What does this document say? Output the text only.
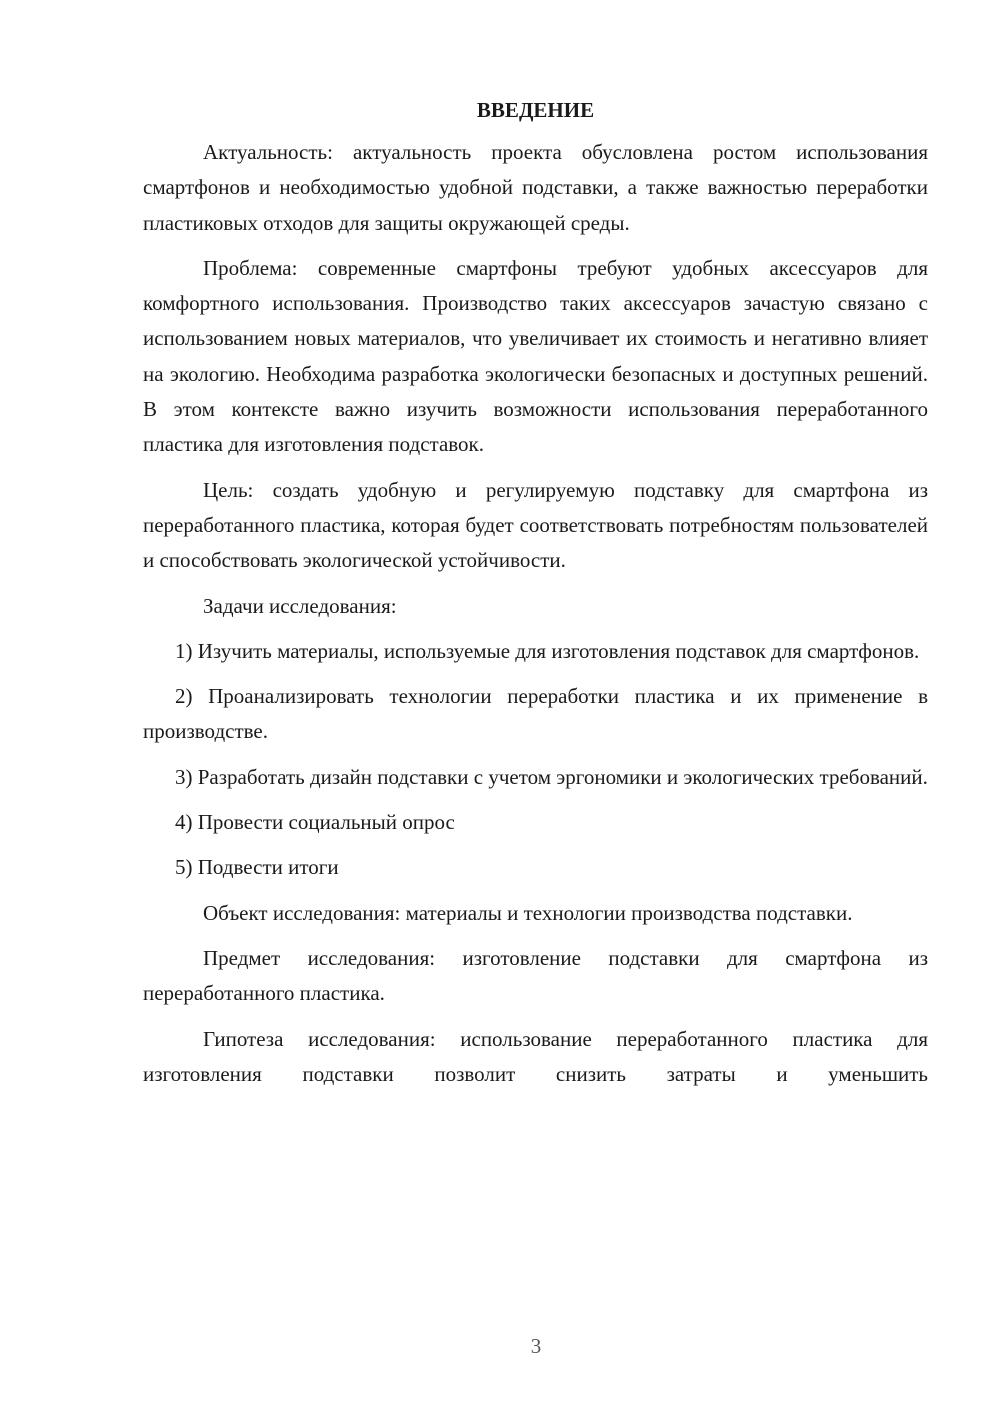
ВВЕДЕНИЕ

Актуальность: актуальность проекта обусловлена ростом использования смартфонов и необходимостью удобной подставки, а также важностью переработки пластиковых отходов для защиты окружающей среды.

Проблема: современные смартфоны требуют удобных аксессуаров для комфортного использования. Производство таких аксессуаров зачастую связано с использованием новых материалов, что увеличивает их стоимость и негативно влияет на экологию. Необходима разработка экологически безопасных и доступных решений. В этом контексте важно изучить возможности использования переработанного пластика для изготовления подставок.

Цель: создать удобную и регулируемую подставку для смартфона из переработанного пластика, которая будет соответствовать потребностям пользователей и способствовать экологической устойчивости.

Задачи исследования:

1) Изучить материалы, используемые для изготовления подставок для смартфонов.

2) Проанализировать технологии переработки пластика и их применение в производстве.

3) Разработать дизайн подставки с учетом эргономики и экологических требований.

4) Провести социальный опрос

5) Подвести итоги

Объект исследования: материалы и технологии производства подставки.

Предмет исследования: изготовление подставки для смартфона из переработанного пластика.

Гипотеза исследования: использование переработанного пластика для изготовления подставки позволит снизить затраты и уменьшить

3
